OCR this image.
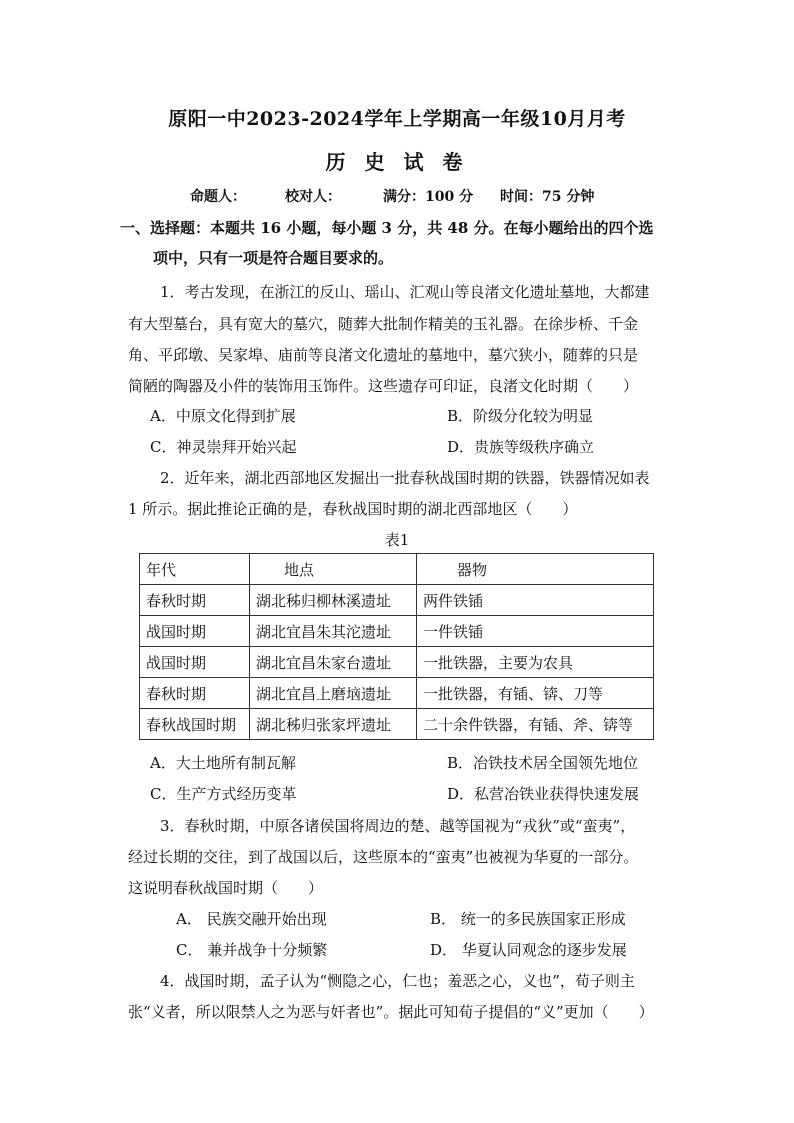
原阳一中2023-2024学年上学期高一年级10月月考
历 史 试 卷
命题人：	校对人：	满分：100 分 时间：75 分钟
一、选择题：本题共 16 小题，每小题 3 分，共 48 分。在每小题给出的四个选
项中，只有一项是符合题目要求的。
1．考古发现，在浙江的反山、瑶山、汇观山等良渚文化遗址墓地，大都建
有大型墓台，具有宽大的墓穴，随葬大批制作精美的玉礼器。在徐步桥、千金
角、平邱墩、吴家埠、庙前等良渚文化遗址的墓地中，墓穴狭小，随葬的只是
简陋的陶器及小件的装饰用玉饰件。这些遗存可印证，良渚文化时期（　　）
A．中原文化得到扩展	B．阶级分化较为明显
C．神灵崇拜开始兴起	D．贵族等级秩序确立
2．近年来，湖北西部地区发掘出一批春秋战国时期的铁器，铁器情况如表
1 所示。据此推论正确的是，春秋战国时期的湖北西部地区（　　）
表1
年代	地点	器物
春秋时期	湖北秭归柳林溪遗址	两件铁锸
战国时期	湖北宜昌朱其沱遗址	一件铁锸
战国时期	湖北宜昌朱家台遗址	一批铁器，主要为农具
春秋时期	湖北宜昌上磨垴遗址	一批铁器，有锸、锛、刀等
春秋战国时期	湖北秭归张家坪遗址	二十余件铁器，有锸、斧、锛等
A．大土地所有制瓦解	B．冶铁技术居全国领先地位
C．生产方式经历变革	D．私营冶铁业获得快速发展
3．春秋时期，中原各诸侯国将周边的楚、越等国视为“戎狄”或“蛮夷”，
经过长期的交往，到了战国以后，这些原本的“蛮夷”也被视为华夏的一部分。
这说明春秋战国时期（　　）
A． 民族交融开始出现	B． 统一的多民族国家正形成
C． 兼并战争十分频繁	D． 华夏认同观念的逐步发展
4．战国时期，孟子认为“恻隐之心，仁也；羞恶之心，义也”，荀子则主
张“义者，所以限禁人之为恶与奸者也”。据此可知荀子提倡的“义”更加（　　）
